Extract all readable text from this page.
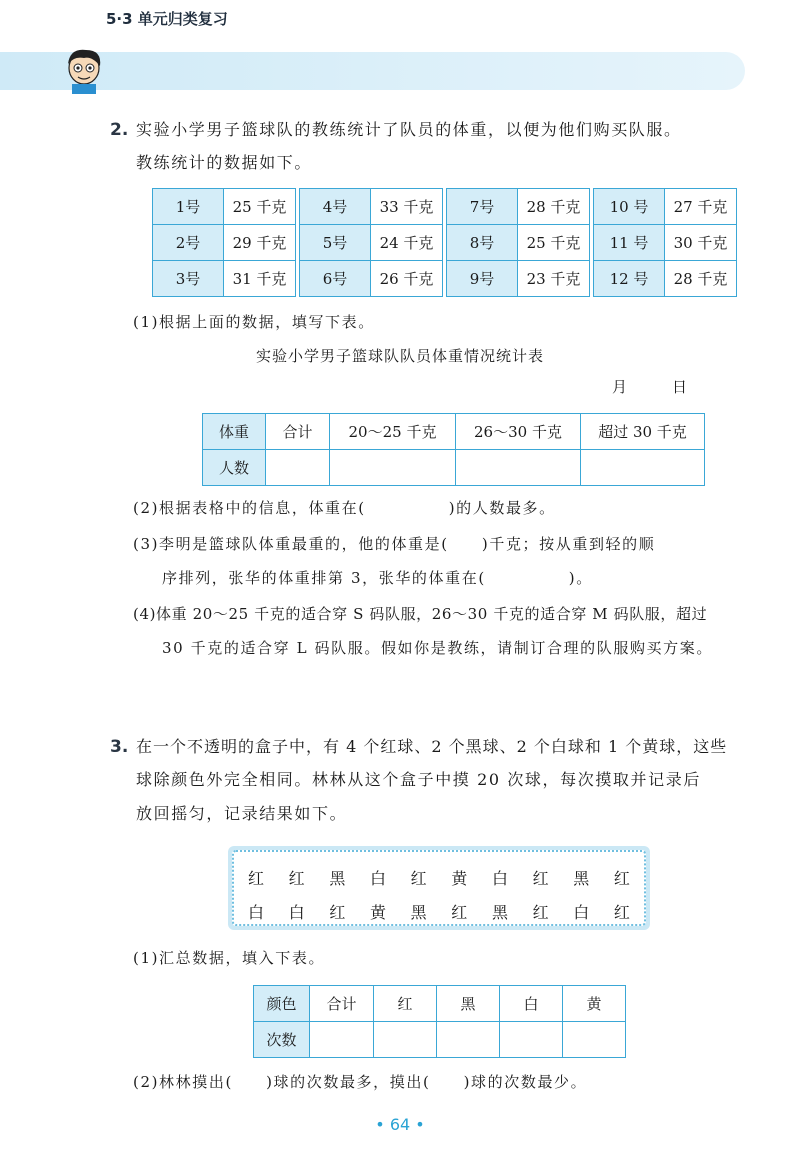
5·3 单元归类复习
2. 实验小学男子篮球队的教练统计了队员的体重，以便为他们购买队服。
教练统计的数据如下。
1号	25 千克		4号	33 千克		7号	28 千克		10 号	27 千克
2号	29 千克		5号	24 千克		8号	25 千克		11 号	30 千克
3号	31 千克		6号	26 千克		9号	23 千克		12 号	28 千克
(1)根据上面的数据，填写下表。
实验小学男子篮球队队员体重情况统计表
月	日
体重	合计	20～25 千克	26～30 千克	超过 30 千克
人数				
(2)根据表格中的信息，体重在(　　　　　)的人数最多。
(3)李明是篮球队体重最重的，他的体重是(　　)千克；按从重到轻的顺
序排列，张华的体重排第 3，张华的体重在(　　　　　)。
(4)体重 20～25 千克的适合穿 S 码队服，26～30 千克的适合穿 M 码队服，超过
30 千克的适合穿 L 码队服。假如你是教练，请制订合理的队服购买方案。
3. 在一个不透明的盒子中，有 4 个红球、2 个黑球、2 个白球和 1 个黄球，这些
球除颜色外完全相同。林林从这个盒子中摸 20 次球，每次摸取并记录后
放回摇匀，记录结果如下。
红 红 黑 白 红 黄 白 红 黑 红
白 白 红 黄 黑 红 黑 红 白 红
(1)汇总数据，填入下表。
颜色	合计	红	黑	白	黄
次数					
(2)林林摸出(　　)球的次数最多，摸出(　　)球的次数最少。
• 64 •
